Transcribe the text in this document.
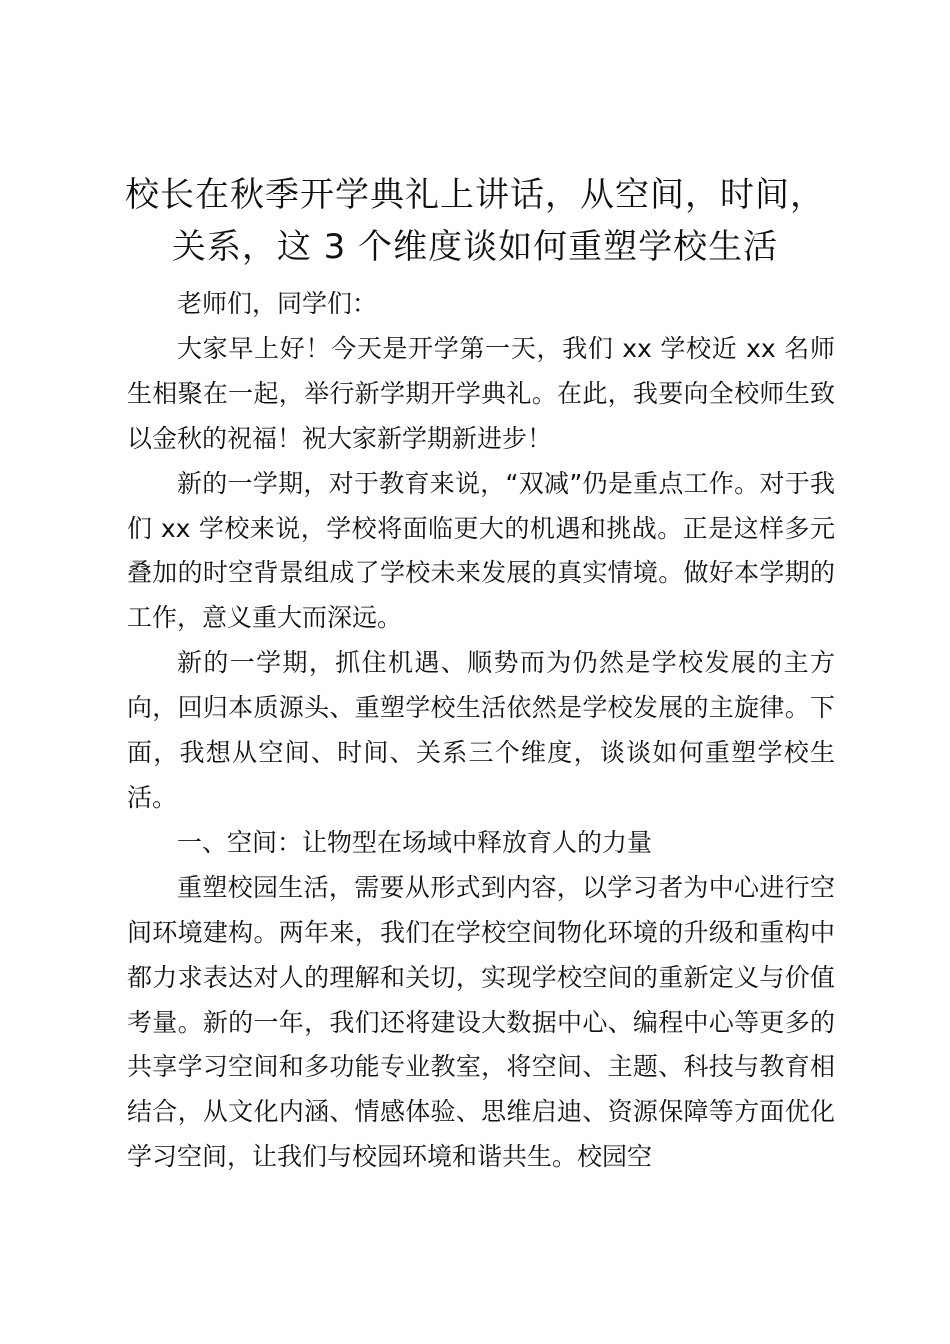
校长在秋季开学典礼上讲话，从空间，时间，
关系，这 3 个维度谈如何重塑学校生活

老师们，同学们：

大家早上好！今天是开学第一天，我们 xx 学校近 xx 名师生相聚在一起，举行新学期开学典礼。在此，我要向全校师生致以金秋的祝福！祝大家新学期新进步！

新的一学期，对于教育来说，“双减”仍是重点工作。对于我们 xx 学校来说，学校将面临更大的机遇和挑战。正是这样多元叠加的时空背景组成了学校未来发展的真实情境。做好本学期的工作，意义重大而深远。

新的一学期，抓住机遇、顺势而为仍然是学校发展的主方向，回归本质源头、重塑学校生活依然是学校发展的主旋律。下面，我想从空间、时间、关系三个维度，谈谈如何重塑学校生活。

一、空间：让物型在场域中释放育人的力量

重塑校园生活，需要从形式到内容，以学习者为中心进行空间环境建构。两年来，我们在学校空间物化环境的升级和重构中都力求表达对人的理解和关切，实现学校空间的重新定义与价值考量。新的一年，我们还将建设大数据中心、编程中心等更多的共享学习空间和多功能专业教室，将空间、主题、科技与教育相结合，从文化内涵、情感体验、思维启迪、资源保障等方面优化学习空间，让我们与校园环境和谐共生。校园空
